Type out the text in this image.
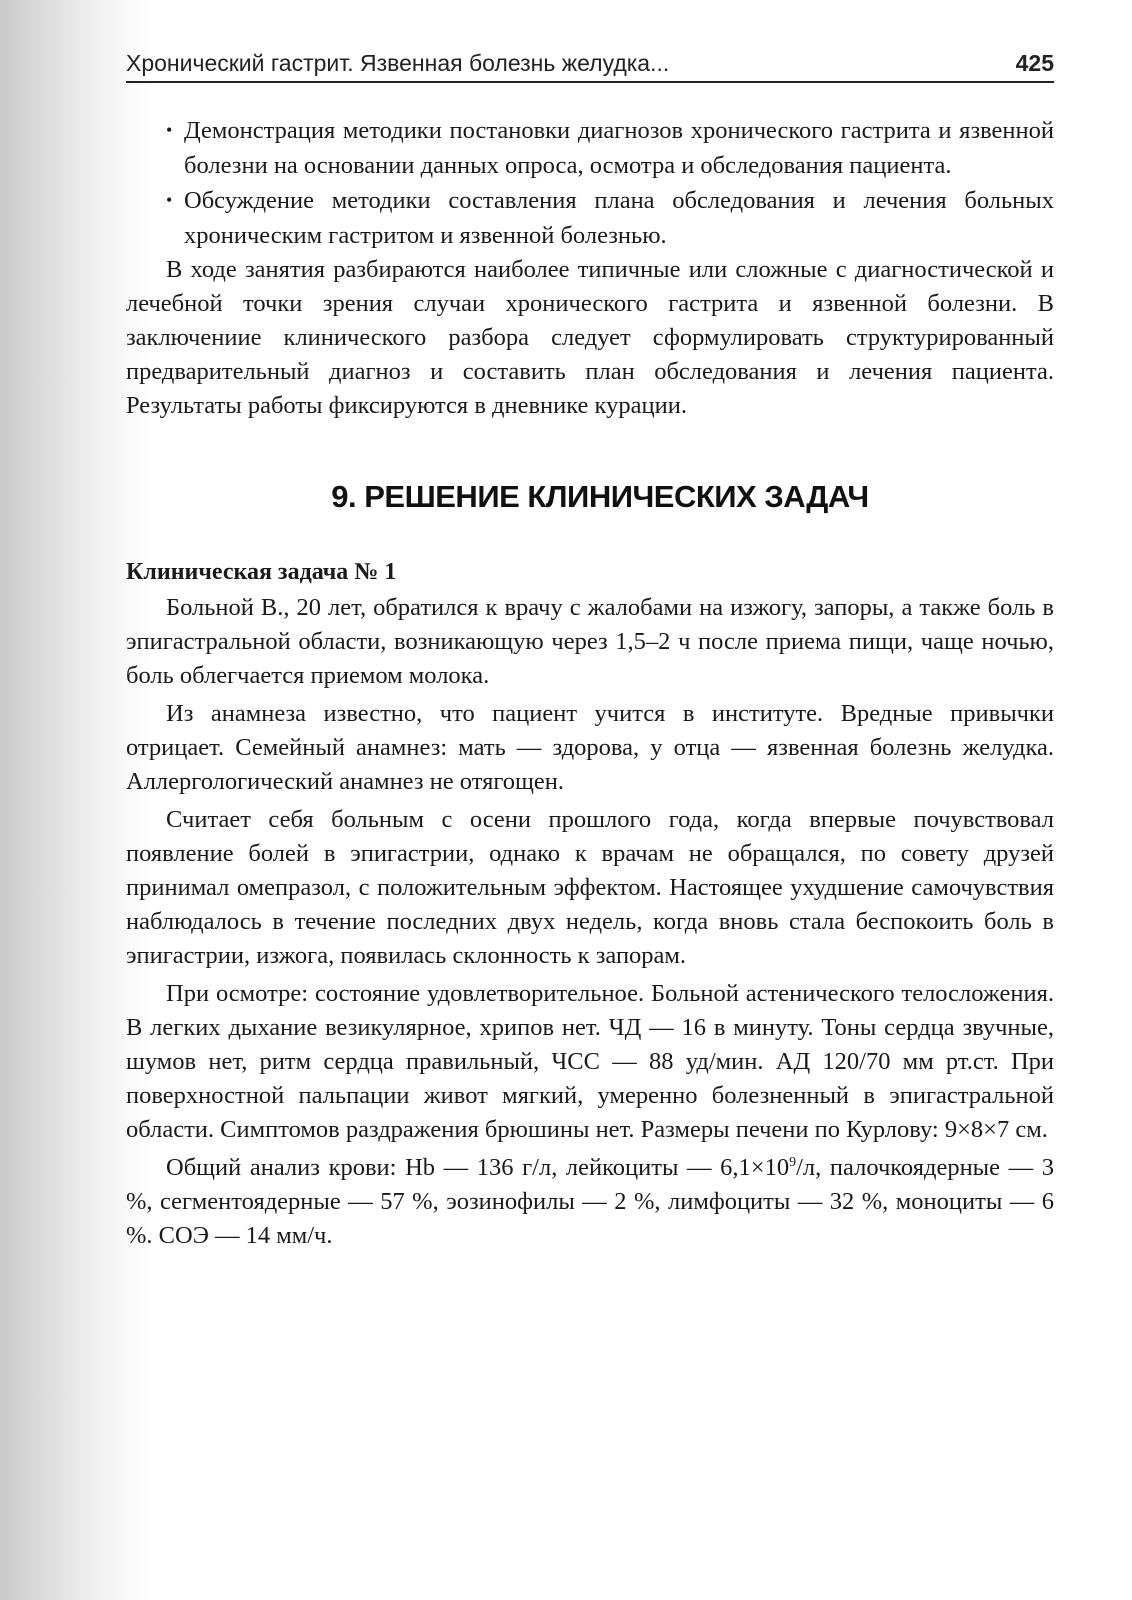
Хронический гастрит. Язвенная болезнь желудка...	425
• Демонстрация методики постановки диагнозов хронического гастрита и язвенной болезни на основании данных опроса, осмотра и обследования пациента.
• Обсуждение методики составления плана обследования и лечения больных хроническим гастритом и язвенной болезнью.

В ходе занятия разбираются наиболее типичные или сложные с диагностической и лечебной точки зрения случаи хронического гастрита и язвенной болезни. В заключениие клинического разбора следует сформулировать структурированный предварительный диагноз и составить план обследования и лечения пациента. Результаты работы фиксируются в дневнике курации.

9. РЕШЕНИЕ КЛИНИЧЕСКИХ ЗАДАЧ

Клиническая задача № 1

Больной В., 20 лет, обратился к врачу с жалобами на изжогу, запоры, а также боль в эпигастральной области, возникающую через 1,5–2 ч после приема пищи, чаще ночью, боль облегчается приемом молока.

Из анамнеза известно, что пациент учится в институте. Вредные привычки отрицает. Семейный анамнез: мать — здорова, у отца — язвенная болезнь желудка. Аллергологический анамнез не отягощен.

Считает себя больным с осени прошлого года, когда впервые почувствовал появление болей в эпигастрии, однако к врачам не обращался, по совету друзей принимал омепразол, с положительным эффектом. Настоящее ухудшение самочувствия наблюдалось в течение последних двух недель, когда вновь стала беспокоить боль в эпигастрии, изжога, появилась склонность к запорам.

При осмотре: состояние удовлетворительное. Больной астенического телосложения. В легких дыхание везикулярное, хрипов нет. ЧД — 16 в минуту. Тоны сердца звучные, шумов нет, ритм сердца правильный, ЧСС — 88 уд/мин. АД 120/70 мм рт.ст. При поверхностной пальпации живот мягкий, умеренно болезненный в эпигастральной области. Симптомов раздражения брюшины нет. Размеры печени по Курлову: 9×8×7 см.

Общий анализ крови: Hb — 136 г/л, лейкоциты — $6,1\times 10^9/л$, палочкоядерные — 3 %, сегментоядерные — 57 %, эозинофилы — 2 %, лимфоциты — 32 %, моноциты — 6 %. СОЭ — 14 мм/ч.
